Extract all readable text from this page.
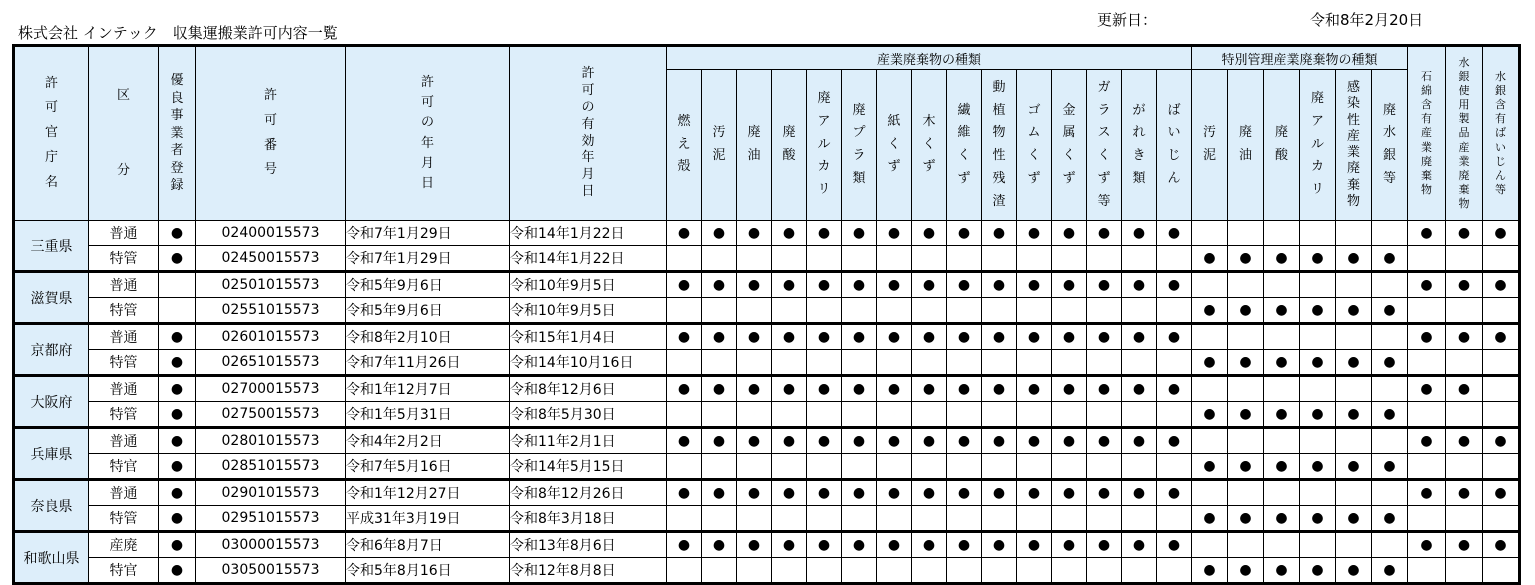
株式会社 インテック　収集運搬業許可内容一覧
更新日：	令和8年2月20日
許可官庁名	区分	優良事業者登録	許可番号	許可の年月日	許可の有効年月日	産業廃棄物の種類															特別管理産業廃棄物の種類						石綿含有産業廃棄物	水銀使用製品産業廃棄物	水銀含有ばいじん等
						燃え殻	汚泥	廃油	廃酸	廃アルカリ	廃プラ類	紙くず	木くず	繊維くず	動植物性残渣	ゴムくず	金属くず	ガラスくず等	がれき類	ばいじん	汚泥	廃油	廃酸	廃アルカリ	感染性産業廃棄物	廃水銀等			
三重県	普通	●	02400015573	令和7年1月29日	令和14年1月22日	●	●	●	●	●	●	●	●	●	●	●	●	●	●	●							●	●	●
	特管	●	02450015573	令和7年1月29日	令和14年1月22日																●	●	●	●	●	●			
滋賀県	普通		02501015573	令和5年9月6日	令和10年9月5日	●	●	●	●	●	●	●	●	●	●	●	●	●	●	●							●	●	●
	特管		02551015573	令和5年9月6日	令和10年9月5日																●	●	●	●	●	●			
京都府	普通	●	02601015573	令和8年2月10日	令和15年1月4日	●	●	●	●	●	●	●	●	●	●	●	●	●	●	●							●	●	●
	特管	●	02651015573	令和7年11月26日	令和14年10月16日																●	●	●	●	●	●			
大阪府	普通	●	02700015573	令和1年12月7日	令和8年12月6日	●	●	●	●	●	●	●	●	●	●	●	●	●	●	●							●	●	
	特管	●	02750015573	令和1年5月31日	令和8年5月30日																●	●	●	●	●	●			
兵庫県	普通	●	02801015573	令和4年2月2日	令和11年2月1日	●	●	●	●	●	●	●	●	●	●	●	●	●	●	●							●	●	●
	特官	●	02851015573	令和7年5月16日	令和14年5月15日																●	●	●	●	●	●			
奈良県	普通	●	02901015573	令和1年12月27日	令和8年12月26日	●	●	●	●	●	●	●	●	●	●	●	●	●	●	●							●	●	●
	特管	●	02951015573	平成31年3月19日	令和8年3月18日																●	●	●	●	●	●			
和歌山県	産廃	●	03000015573	令和6年8月7日	令和13年8月6日	●	●	●	●	●	●	●	●	●	●	●	●	●	●	●							●	●	●
	特官	●	03050015573	令和5年8月16日	令和12年8月8日																●	●	●	●	●	●			
